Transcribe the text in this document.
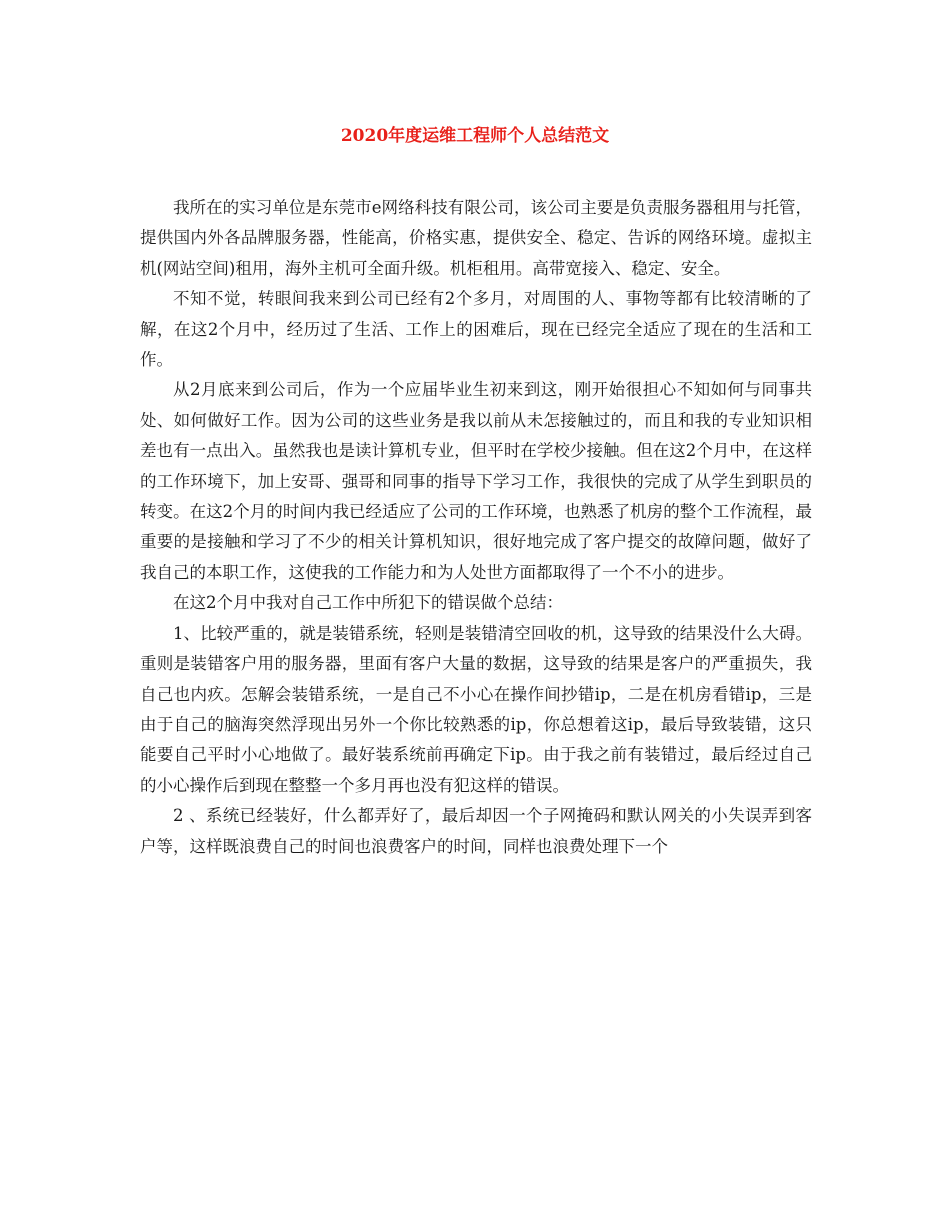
2020年度运维工程师个人总结范文

我所在的实习单位是东莞市e网络科技有限公司，该公司主要是负责服务器租用与托管，提供国内外各品牌服务器，性能高，价格实惠，提供安全、稳定、告诉的网络环境。虚拟主机(网站空间)租用，海外主机可全面升级。机柜租用。高带宽接入、稳定、安全。

不知不觉，转眼间我来到公司已经有2个多月，对周围的人、事物等都有比较清晰的了解，在这2个月中，经历过了生活、工作上的困难后，现在已经完全适应了现在的生活和工作。

从2月底来到公司后，作为一个应届毕业生初来到这，刚开始很担心不知如何与同事共处、如何做好工作。因为公司的这些业务是我以前从未怎接触过的，而且和我的专业知识相差也有一点出入。虽然我也是读计算机专业，但平时在学校少接触。但在这2个月中，在这样的工作环境下，加上安哥、强哥和同事的指导下学习工作，我很快的完成了从学生到职员的转变。在这2个月的时间内我已经适应了公司的工作环境，也熟悉了机房的整个工作流程，最重要的是接触和学习了不少的相关计算机知识，很好地完成了客户提交的故障问题，做好了我自己的本职工作，这使我的工作能力和为人处世方面都取得了一个不小的进步。

在这2个月中我对自己工作中所犯下的错误做个总结：

1、比较严重的，就是装错系统，轻则是装错清空回收的机，这导致的结果没什么大碍。重则是装错客户用的服务器，里面有客户大量的数据，这导致的结果是客户的严重损失，我自己也内疚。怎解会装错系统，一是自己不小心在操作间抄错ip，二是在机房看错ip，三是由于自己的脑海突然浮现出另外一个你比较熟悉的ip，你总想着这ip，最后导致装错，这只能要自己平时小心地做了。最好装系统前再确定下ip。由于我之前有装错过，最后经过自己的小心操作后到现在整整一个多月再也没有犯这样的错误。

2 、系统已经装好，什么都弄好了，最后却因一个子网掩码和默认网关的小失误弄到客户等，这样既浪费自己的时间也浪费客户的时间，同样也浪费处理下一个
